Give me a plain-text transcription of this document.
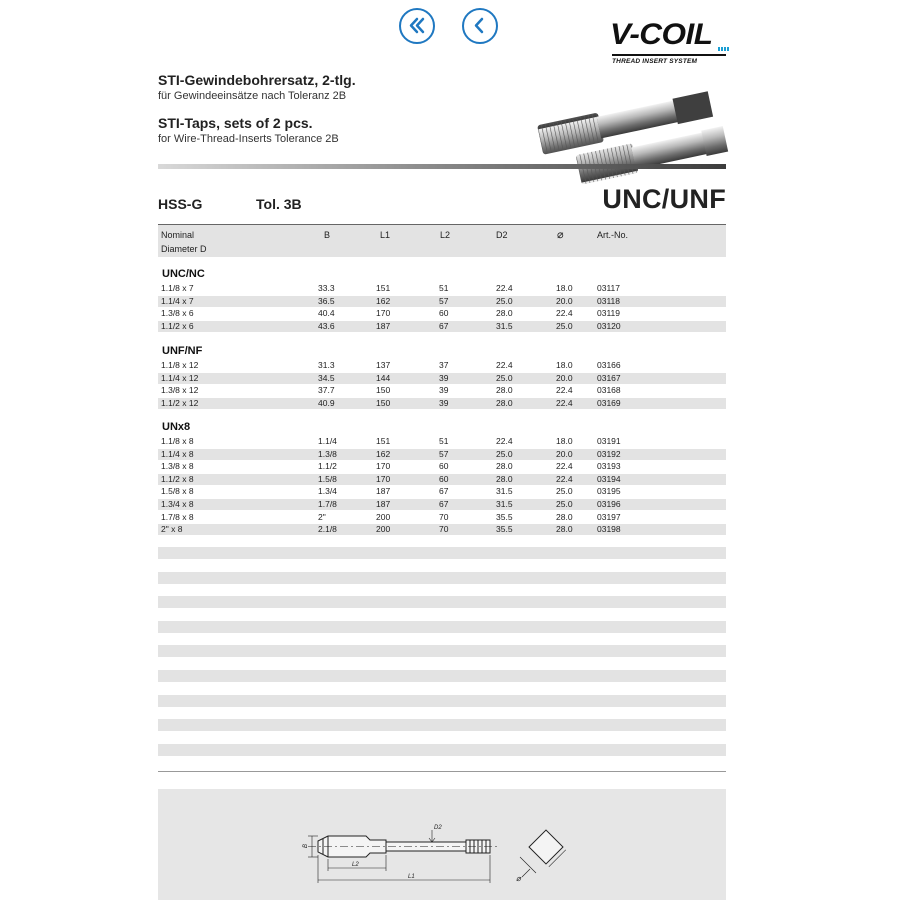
V-COIL
THREAD INSERT SYSTEM
STI-Gewindebohrersatz, 2-tlg.
für Gewindeeinsätze nach Toleranz 2B
STI-Taps, sets of 2 pcs.
for Wire-Thread-Inserts Tolerance 2B
HSS-G	Tol. 3B	UNC/UNF
Nominal
Diameter D
B	L1	L2	D2	⌀	Art.-No.
UNC/NC
1.1/8 x 7	33.3	151	51	22.4	18.0	03117
1.1/4 x 7	36.5	162	57	25.0	20.0	03118
1.3/8 x 6	40.4	170	60	28.0	22.4	03119
1.1/2 x 6	43.6	187	67	31.5	25.0	03120
UNF/NF
1.1/8 x 12	31.3	137	37	22.4	18.0	03166
1.1/4 x 12	34.5	144	39	25.0	20.0	03167
1.3/8 x 12	37.7	150	39	28.0	22.4	03168
1.1/2 x 12	40.9	150	39	28.0	22.4	03169
UNx8
1.1/8 x 8	1.1/4	151	51	22.4	18.0	03191
1.1/4 x 8	1.3/8	162	57	25.0	20.0	03192
1.3/8 x 8	1.1/2	170	60	28.0	22.4	03193
1.1/2 x 8	1.5/8	170	60	28.0	22.4	03194
1.5/8 x 8	1.3/4	187	67	31.5	25.0	03195
1.3/4 x 8	1.7/8	187	67	31.5	25.0	03196
1.7/8 x 8	2"	200	70	35.5	28.0	03197
2" x 8	2.1/8	200	70	35.5	28.0	03198
B
D2
L2
L1	⌀
